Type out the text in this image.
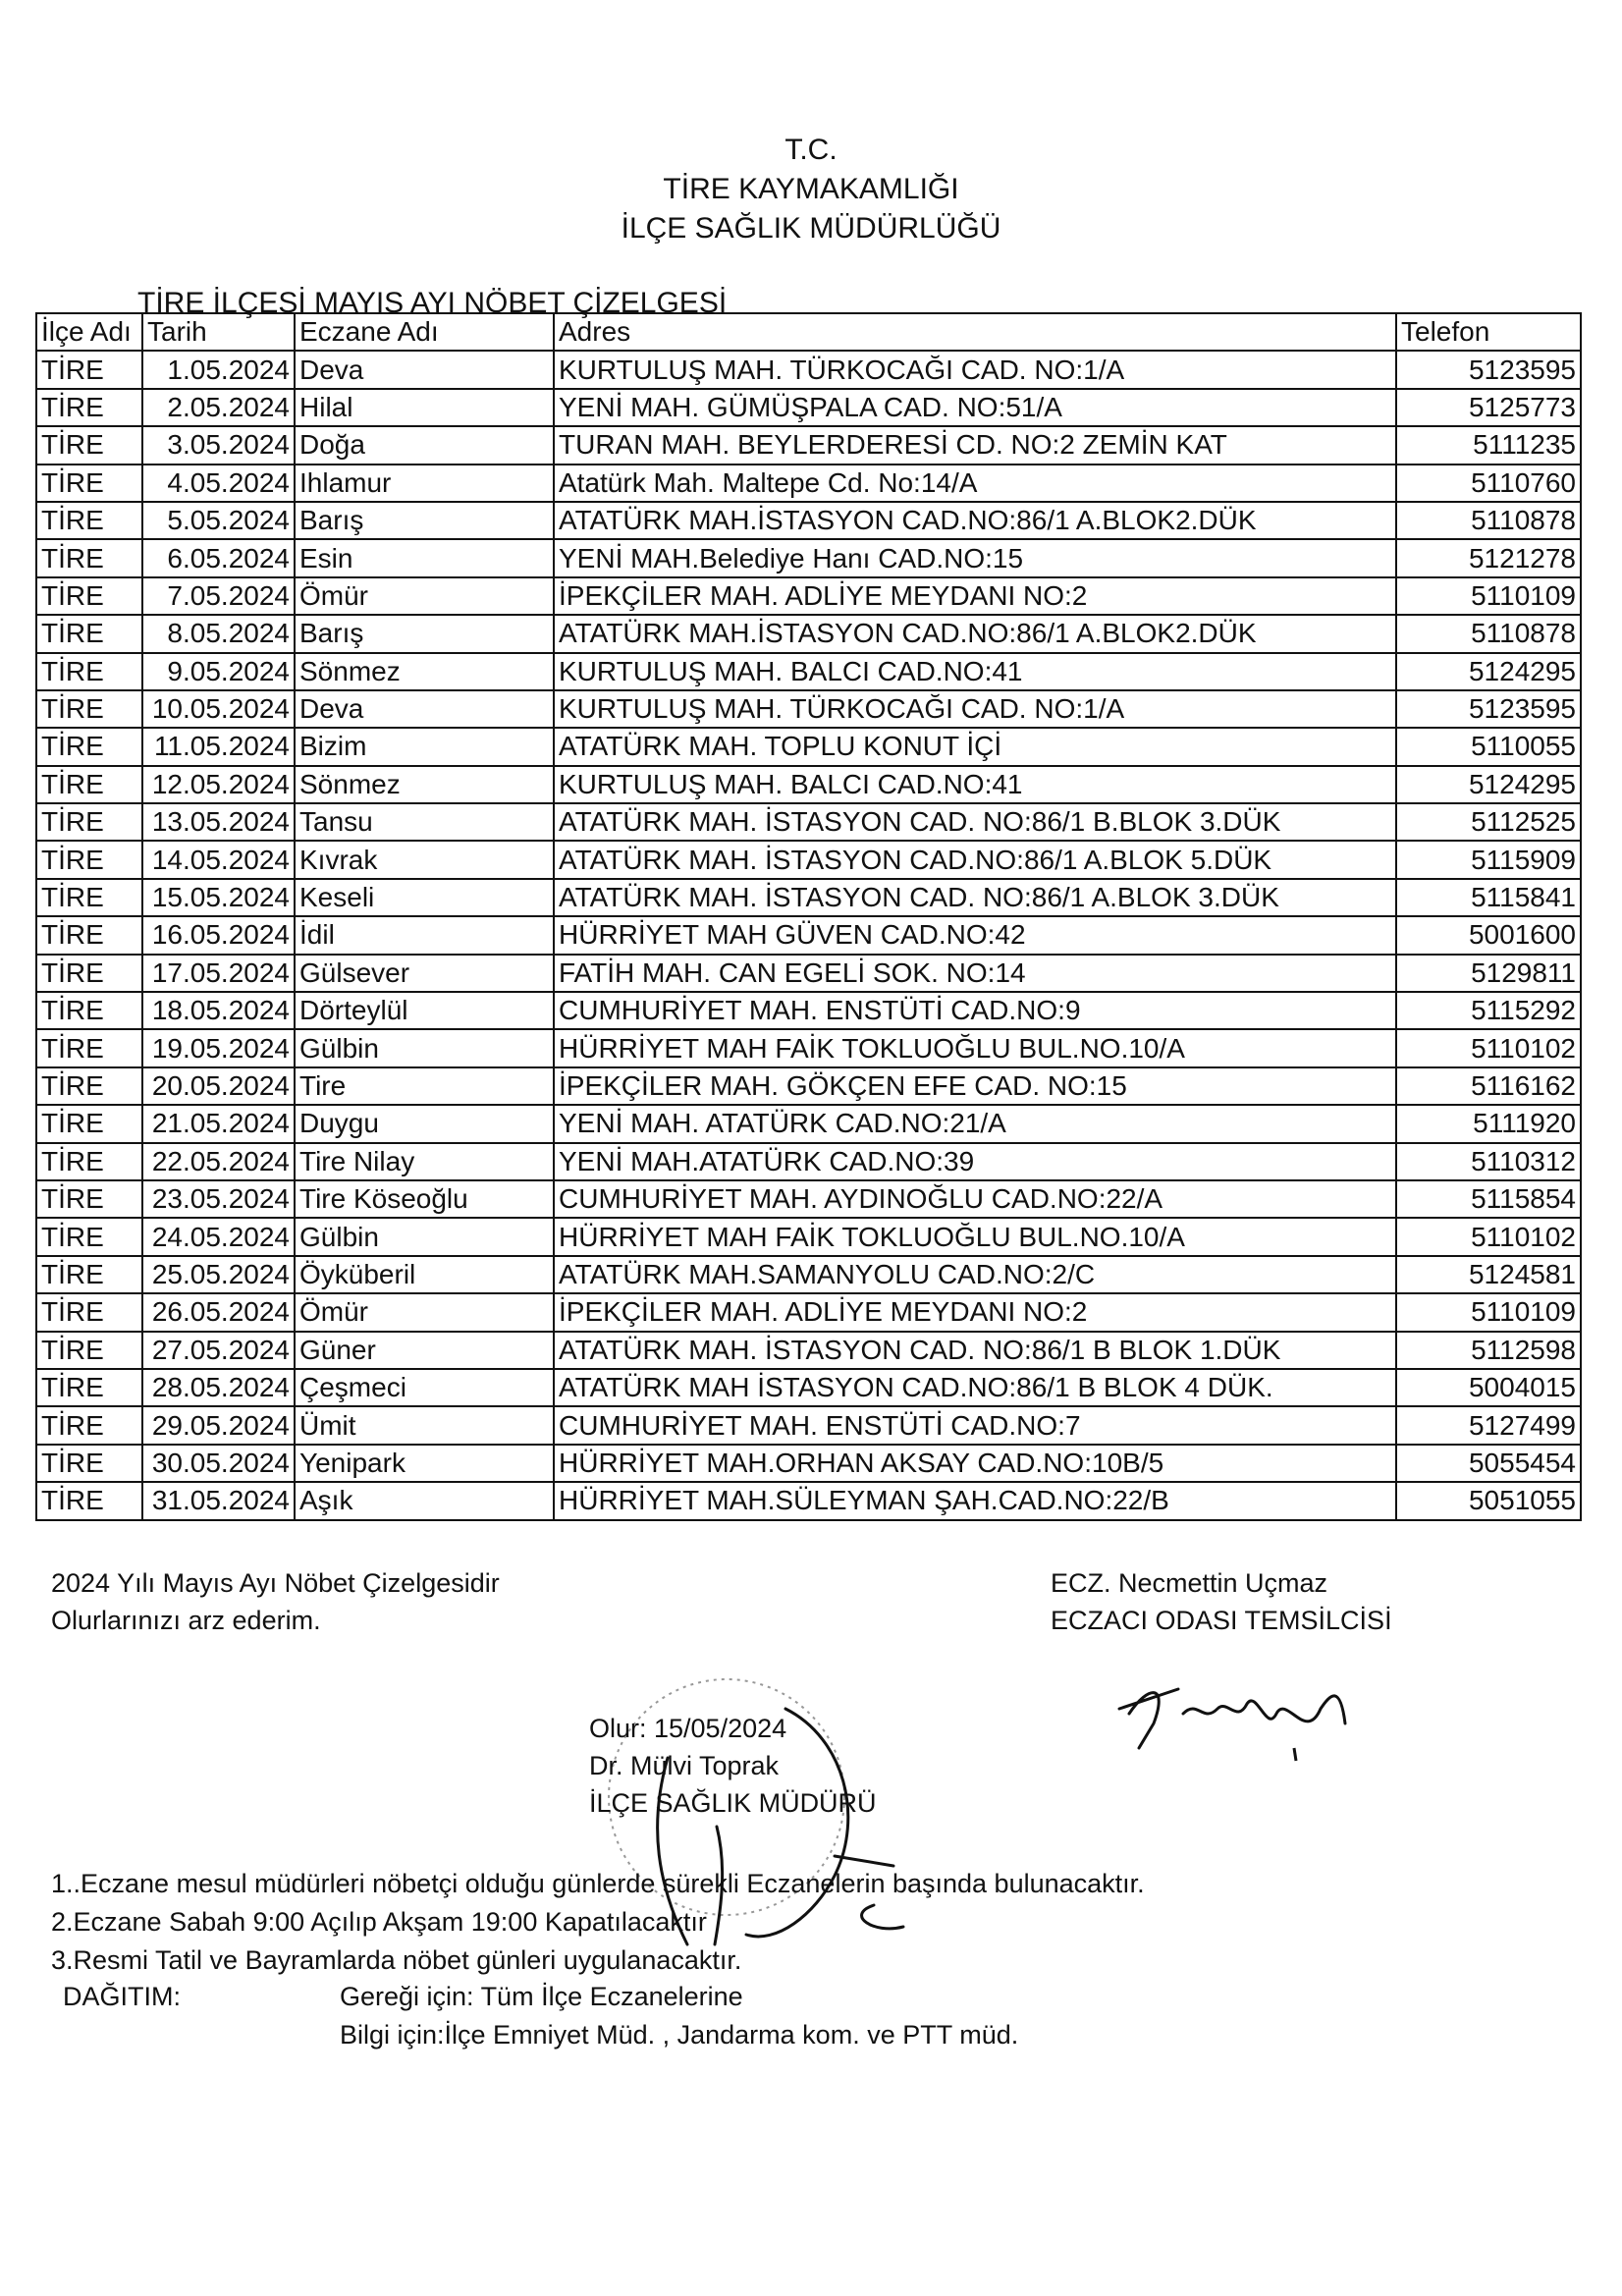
T.C.
TİRE KAYMAKAMLIĞI
İLÇE SAĞLIK MÜDÜRLÜĞÜ
TİRE İLÇESİ MAYIS AYI NÖBET ÇİZELGESİ
İlçe Adı	Tarih	Eczane Adı	Adres	Telefon
TİRE	1.05.2024	Deva	KURTULUŞ MAH. TÜRKOCAĞI CAD. NO:1/A	5123595
TİRE	2.05.2024	Hilal	YENİ MAH. GÜMÜŞPALA CAD. NO:51/A	5125773
TİRE	3.05.2024	Doğa	TURAN MAH. BEYLERDERESİ CD. NO:2 ZEMİN KAT	5111235
TİRE	4.05.2024	Ihlamur	Atatürk Mah. Maltepe Cd. No:14/A	5110760
TİRE	5.05.2024	Barış	ATATÜRK MAH.İSTASYON CAD.NO:86/1 A.BLOK2.DÜK	5110878
TİRE	6.05.2024	Esin	YENİ MAH.Belediye Hanı CAD.NO:15	5121278
TİRE	7.05.2024	Ömür	İPEKÇİLER MAH. ADLİYE MEYDANI NO:2	5110109
TİRE	8.05.2024	Barış	ATATÜRK MAH.İSTASYON CAD.NO:86/1 A.BLOK2.DÜK	5110878
TİRE	9.05.2024	Sönmez	KURTULUŞ MAH. BALCI CAD.NO:41	5124295
TİRE	10.05.2024	Deva	KURTULUŞ MAH. TÜRKOCAĞI CAD. NO:1/A	5123595
TİRE	11.05.2024	Bizim	ATATÜRK MAH. TOPLU KONUT İÇİ	5110055
TİRE	12.05.2024	Sönmez	KURTULUŞ MAH. BALCI CAD.NO:41	5124295
TİRE	13.05.2024	Tansu	ATATÜRK MAH. İSTASYON CAD. NO:86/1 B.BLOK 3.DÜK	5112525
TİRE	14.05.2024	Kıvrak	ATATÜRK MAH. İSTASYON CAD.NO:86/1 A.BLOK 5.DÜK	5115909
TİRE	15.05.2024	Keseli	ATATÜRK MAH. İSTASYON CAD. NO:86/1 A.BLOK 3.DÜK	5115841
TİRE	16.05.2024	İdil	HÜRRİYET MAH GÜVEN CAD.NO:42	5001600
TİRE	17.05.2024	Gülsever	FATİH MAH. CAN EGELİ SOK. NO:14	5129811
TİRE	18.05.2024	Dörteylül	CUMHURİYET MAH. ENSTÜTİ CAD.NO:9	5115292
TİRE	19.05.2024	Gülbin	HÜRRİYET MAH FAİK TOKLUOĞLU BUL.NO.10/A	5110102
TİRE	20.05.2024	Tire	İPEKÇİLER MAH. GÖKÇEN EFE CAD. NO:15	5116162
TİRE	21.05.2024	Duygu	YENİ MAH. ATATÜRK CAD.NO:21/A	5111920
TİRE	22.05.2024	Tire Nilay	YENİ MAH.ATATÜRK CAD.NO:39	5110312
TİRE	23.05.2024	Tire Köseoğlu	CUMHURİYET MAH. AYDINOĞLU CAD.NO:22/A	5115854
TİRE	24.05.2024	Gülbin	HÜRRİYET MAH FAİK TOKLUOĞLU BUL.NO.10/A	5110102
TİRE	25.05.2024	Öyküberil	ATATÜRK MAH.SAMANYOLU CAD.NO:2/C	5124581
TİRE	26.05.2024	Ömür	İPEKÇİLER MAH. ADLİYE MEYDANI NO:2	5110109
TİRE	27.05.2024	Güner	ATATÜRK MAH. İSTASYON CAD. NO:86/1 B BLOK 1.DÜK	5112598
TİRE	28.05.2024	Çeşmeci	ATATÜRK MAH İSTASYON CAD.NO:86/1 B BLOK 4 DÜK.	5004015
TİRE	29.05.2024	Ümit	CUMHURİYET MAH. ENSTÜTİ CAD.NO:7	5127499
TİRE	30.05.2024	Yenipark	HÜRRİYET MAH.ORHAN AKSAY CAD.NO:10B/5	5055454
TİRE	31.05.2024	Aşık	HÜRRİYET MAH.SÜLEYMAN ŞAH.CAD.NO:22/B	5051055
2024 Yılı Mayıs Ayı Nöbet Çizelgesidir
Olurlarınızı arz ederim.
ECZ. Necmettin Uçmaz
ECZACI ODASI TEMSİLCİSİ
Olur: 15/05/2024
Dr. Mülvi Toprak
İLÇE SAĞLIK MÜDÜRÜ
1..Eczane mesul müdürleri nöbetçi olduğu günlerde sürekli Eczanelerin başında bulunacaktır.
2.Eczane Sabah 9:00 Açılıp Akşam 19:00 Kapatılacaktır
3.Resmi Tatil ve Bayramlarda nöbet günleri uygulanacaktır.
DAĞITIM:	Gereği için: Tüm İlçe Eczanelerine
Bilgi için:İlçe Emniyet Müd. , Jandarma kom. ve PTT müd.
